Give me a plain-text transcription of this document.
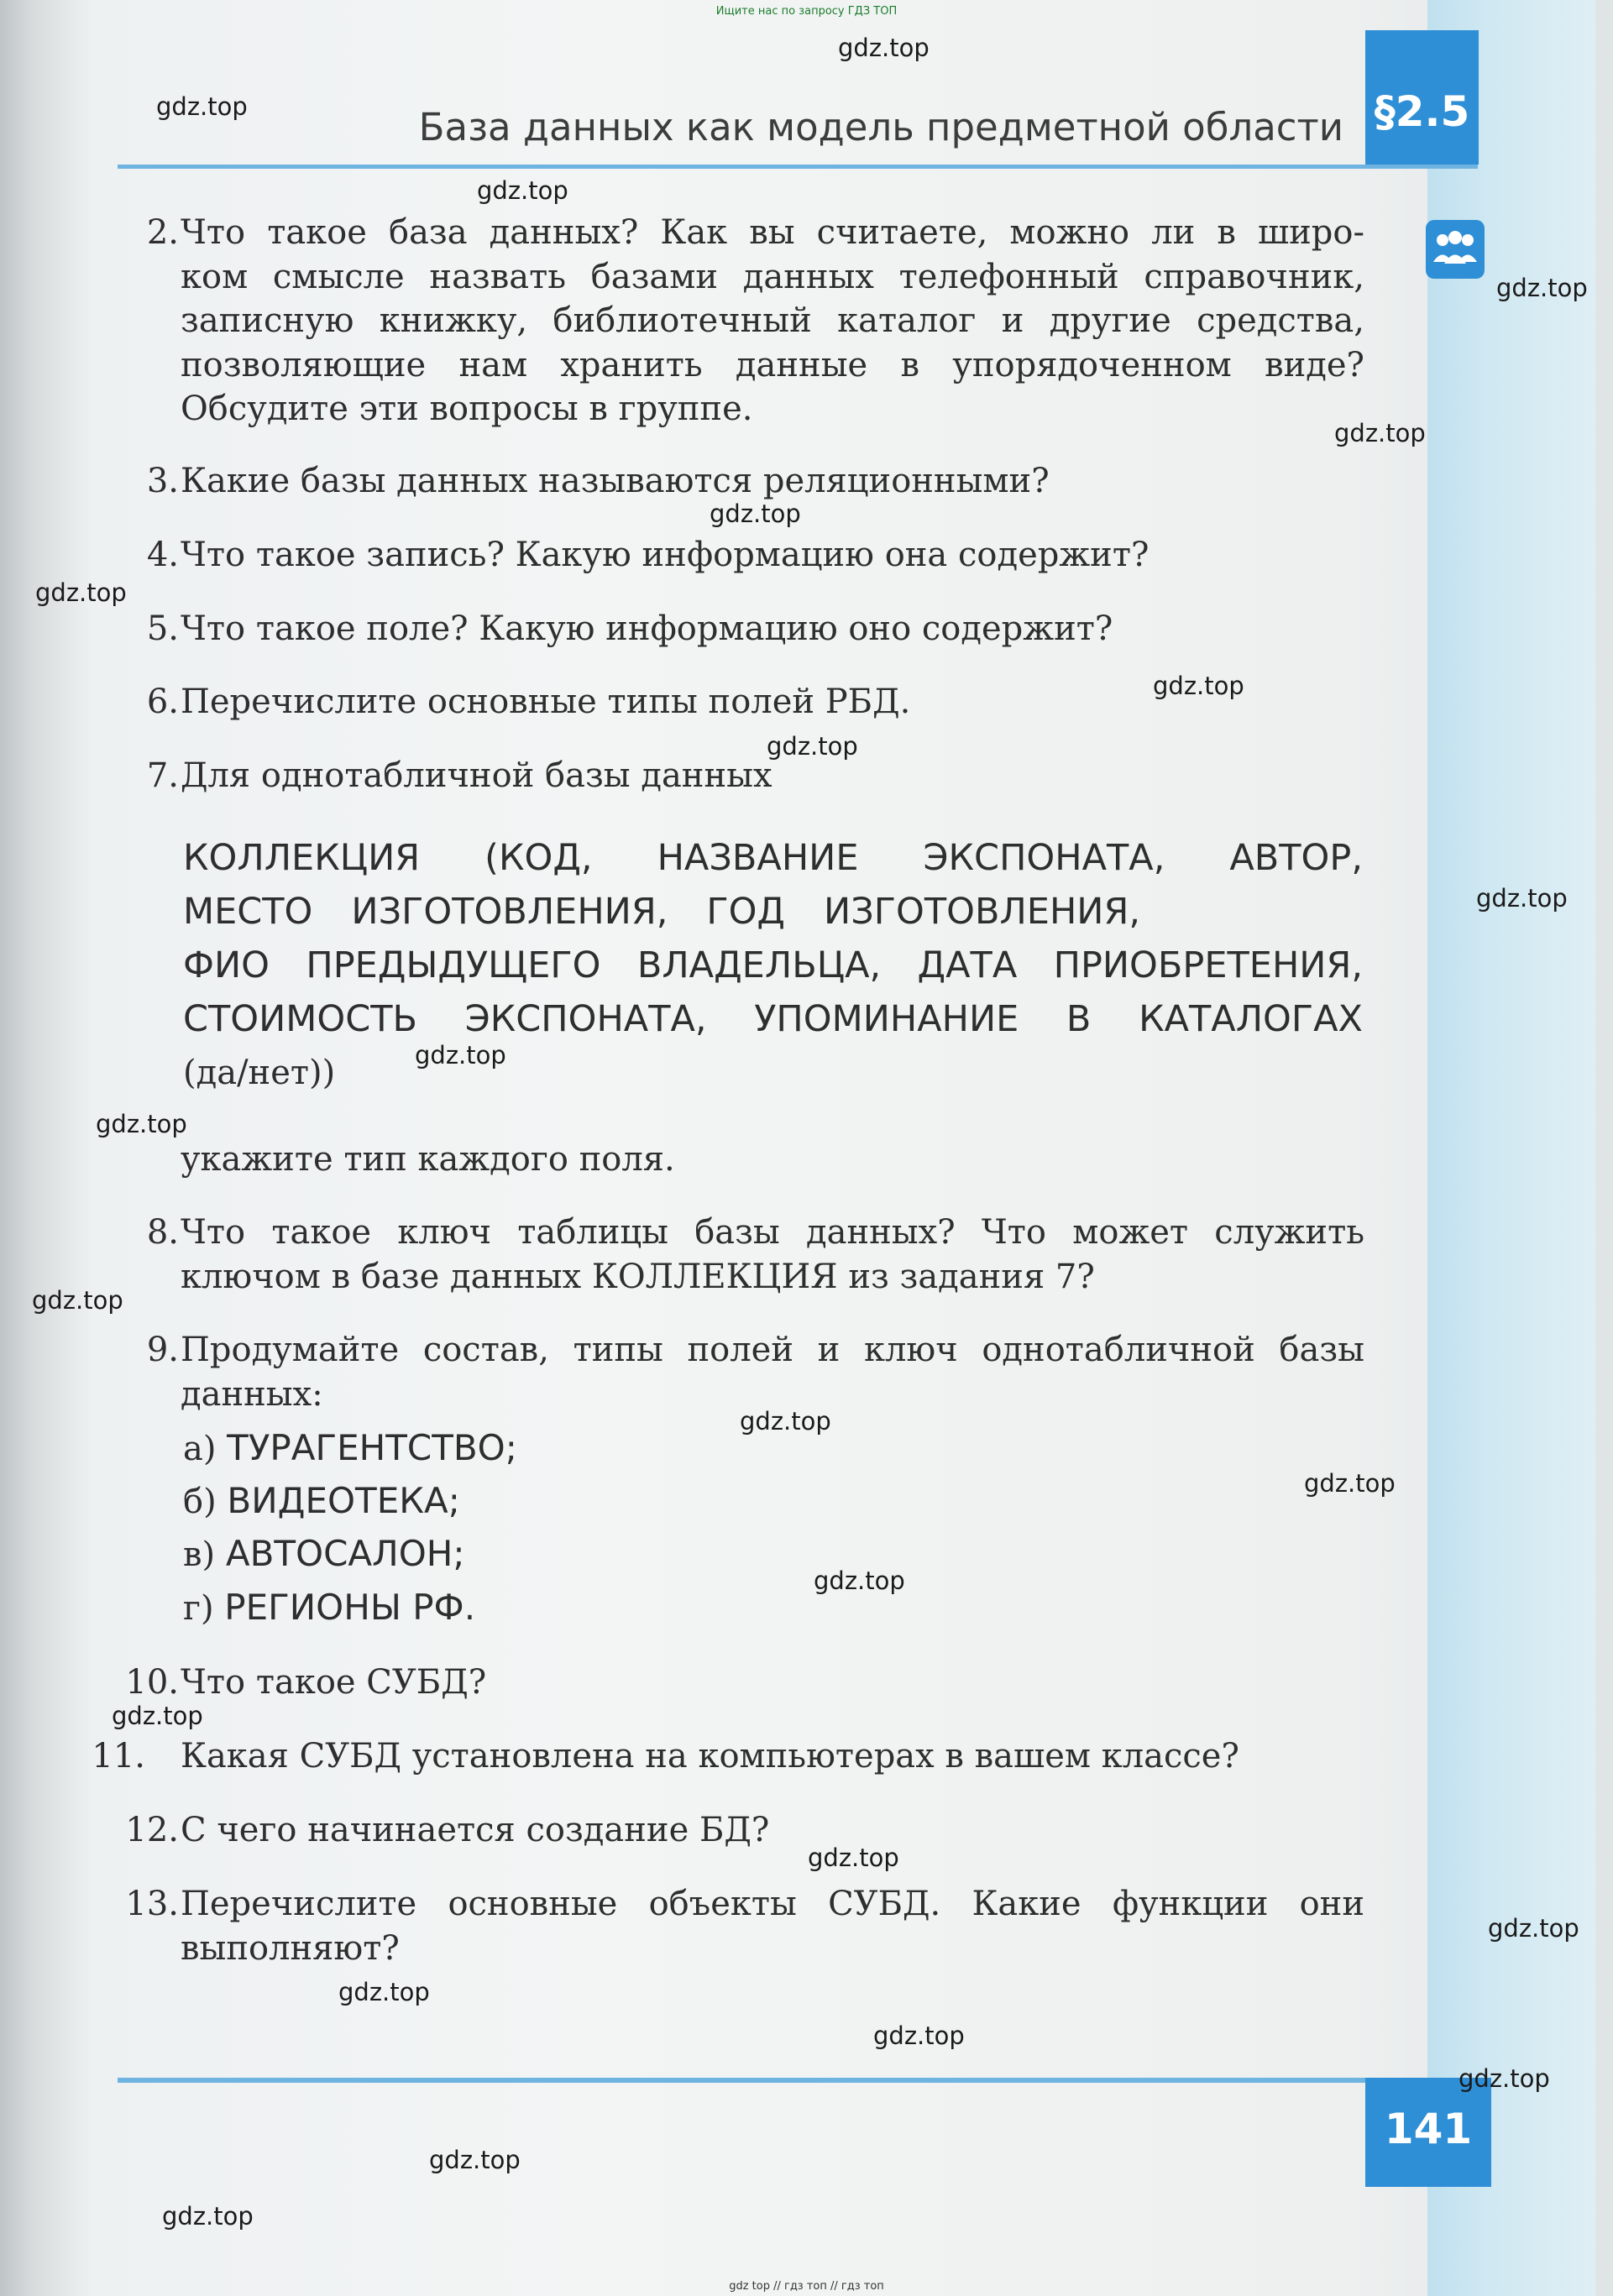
Ищите нас по запросу ГДЗ ТОП
§2.5
База данных как модель предметной области
2. Что такое база данных? Как вы считаете, можно ли в широ-
ком смысле назвать базами данных телефонный справочник,
записную книжку, библиотечный каталог и другие средства,
позволяющие нам хранить данные в упорядоченном виде?
Обсудите эти вопросы в группе.
3. Какие базы данных называются реляционными?
4. Что такое запись? Какую информацию она содержит?
5. Что такое поле? Какую информацию оно содержит?
6. Перечислите основные типы полей РБД.
7. Для однотабличной базы данных
КОЛЛЕКЦИЯ (КОД, НАЗВАНИЕ ЭКСПОНАТА, АВТОР,
МЕСТО ИЗГОТОВЛЕНИЯ, ГОД ИЗГОТОВЛЕНИЯ,
ФИО ПРЕДЫДУЩЕГО ВЛАДЕЛЬЦА, ДАТА ПРИОБРЕТЕНИЯ,
СТОИМОСТЬ ЭКСПОНАТА, УПОМИНАНИЕ В КАТАЛОГАХ
(да/нет))
укажите тип каждого поля.
8. Что такое ключ таблицы базы данных? Что может служить
ключом в базе данных КОЛЛЕКЦИЯ из задания 7?
9. Продумайте состав, типы полей и ключ однотабличной базы
данных:
а) ТУРАГЕНТСТВО;
б) ВИДЕОТЕКА;
в) АВТОСАЛОН;
г) РЕГИОНЫ РФ.
10. Что такое СУБД?
11. Какая СУБД установлена на компьютерах в вашем классе?
12. С чего начинается создание БД?
13. Перечислите основные объекты СУБД. Какие функции они
выполняют?
141
gdz.top
gdz.top
gdz.top
gdz.top
gdz.top
gdz.top
gdz.top
gdz.top
gdz.top
gdz.top
gdz.top
gdz.top
gdz.top
gdz.top
gdz.top
gdz.top
gdz.top
gdz.top
gdz.top
gdz.top
gdz.top
gdz.top
gdz.top
gdz.top
gdz top // гдз топ // гдз топ
